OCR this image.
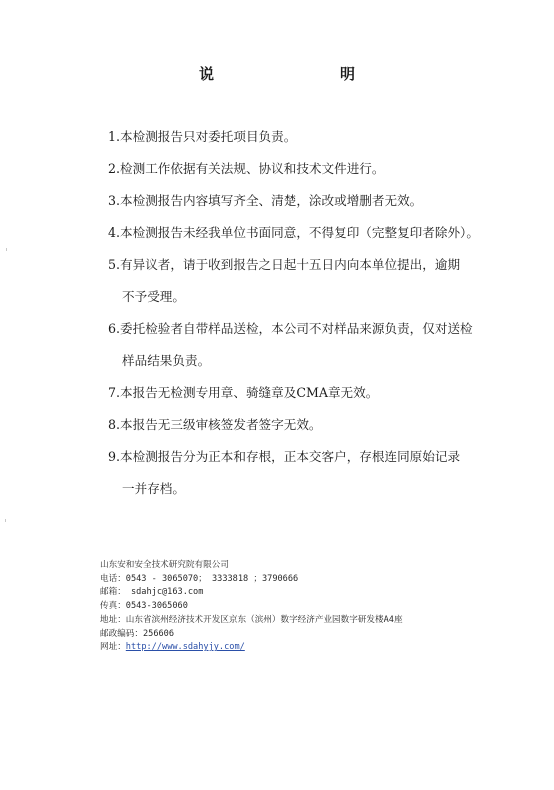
说　　明
1.本检测报告只对委托项目负责。
2.检测工作依据有关法规、协议和技术文件进行。
3.本检测报告内容填写齐全、清楚，涂改或增删者无效。
4.本检测报告未经我单位书面同意，不得复印（完整复印者除外）。
5.有异议者，请于收到报告之日起十五日内向本单位提出，逾期
不予受理。
6.委托检验者自带样品送检，本公司不对样品来源负责，仅对送检
样品结果负责。
7.本报告无检测专用章、骑缝章及CMA章无效。
8.本报告无三级审核签发者签字无效。
9.本检测报告分为正本和存根，正本交客户，存根连同原始记录
一并存档。
山东安和安全技术研究院有限公司
电话：0543 - 3065070； 3333818 ；3790666
邮箱： sdahjc@163.com
传真：0543-3065060
地址：山东省滨州经济技术开发区京东（滨州）数字经济产业园数字研发楼A4座
邮政编码：256606
网址：http://www.sdahyjy.com/
